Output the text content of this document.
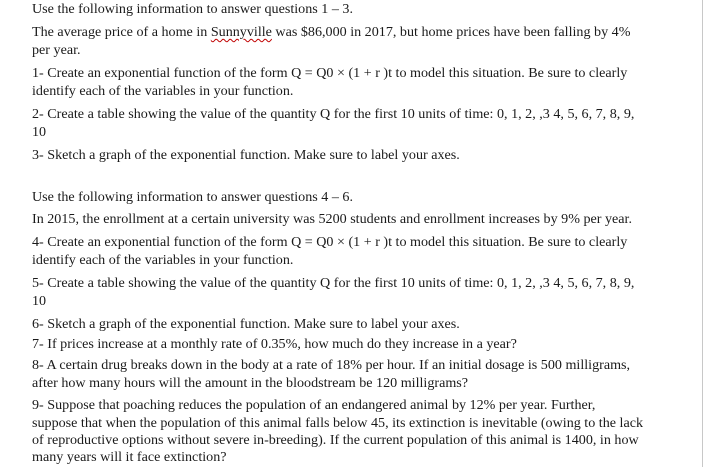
Use the following information to answer questions 1 – 3.
The average price of a home in Sunnyville was $86,000 in 2017, but home prices have been falling by 4%
per year.
1- Create an exponential function of the form Q = Q0 × (1 + r )t to model this situation. Be sure to clearly
identify each of the variables in your function.
2- Create a table showing the value of the quantity Q for the first 10 units of time: 0, 1, 2, ,3 4, 5, 6, 7, 8, 9,
10
3- Sketch a graph of the exponential function. Make sure to label your axes.
Use the following information to answer questions 4 – 6.
In 2015, the enrollment at a certain university was 5200 students and enrollment increases by 9% per year.
4- Create an exponential function of the form Q = Q0 × (1 + r )t to model this situation. Be sure to clearly
identify each of the variables in your function.
5- Create a table showing the value of the quantity Q for the first 10 units of time: 0, 1, 2, ,3 4, 5, 6, 7, 8, 9,
10
6- Sketch a graph of the exponential function. Make sure to label your axes.
7- If prices increase at a monthly rate of 0.35%, how much do they increase in a year?
8- A certain drug breaks down in the body at a rate of 18% per hour. If an initial dosage is 500 milligrams,
after how many hours will the amount in the bloodstream be 120 milligrams?
9- Suppose that poaching reduces the population of an endangered animal by 12% per year. Further,
suppose that when the population of this animal falls below 45, its extinction is inevitable (owing to the lack
of reproductive options without severe in-breeding). If the current population of this animal is 1400, in how
many years will it face extinction?
